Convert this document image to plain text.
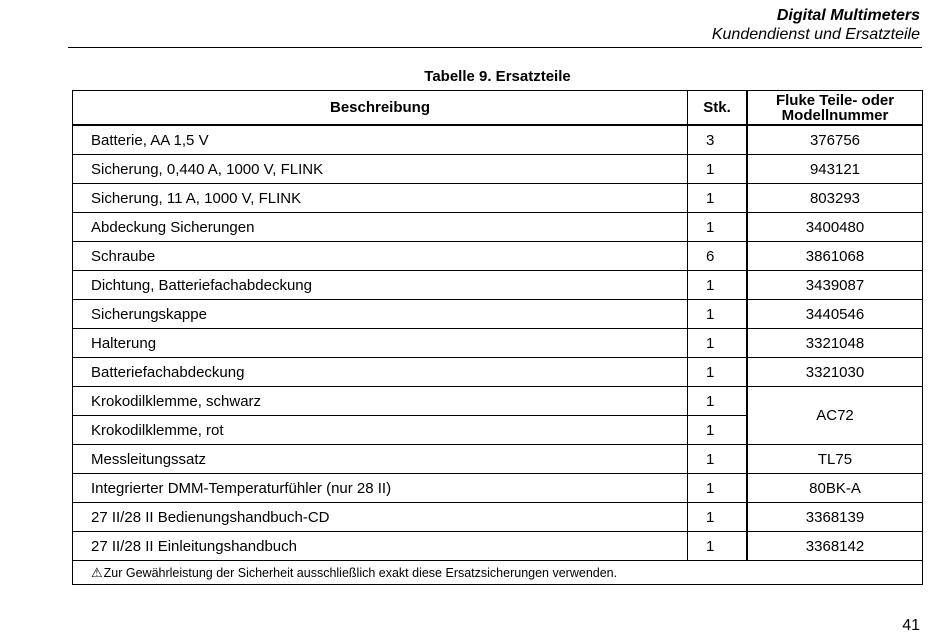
Digital Multimeters
Kundendienst und Ersatzteile
Tabelle 9. Ersatzteile
Beschreibung	Stk.	Fluke Teile- oder Modellnummer
Batterie, AA 1,5 V	3	376756
Sicherung, 0,440 A, 1000 V, FLINK	1	943121
Sicherung, 11 A, 1000 V, FLINK	1	803293
Abdeckung Sicherungen	1	3400480
Schraube	6	3861068
Dichtung, Batteriefachabdeckung	1	3439087
Sicherungskappe	1	3440546
Halterung	1	3321048
Batteriefachabdeckung	1	3321030
Krokodilklemme, schwarz	1	AC72
Krokodilklemme, rot	1	
Messleitungssatz	1	TL75
Integrierter DMM-Temperaturfühler (nur 28 II)	1	80BK-A
27 II/28 II Bedienungshandbuch-CD	1	3368139
27 II/28 II Einleitungshandbuch	1	3368142
⚠Zur Gewährleistung der Sicherheit ausschließlich exakt diese Ersatzsicherungen verwenden.		
41
